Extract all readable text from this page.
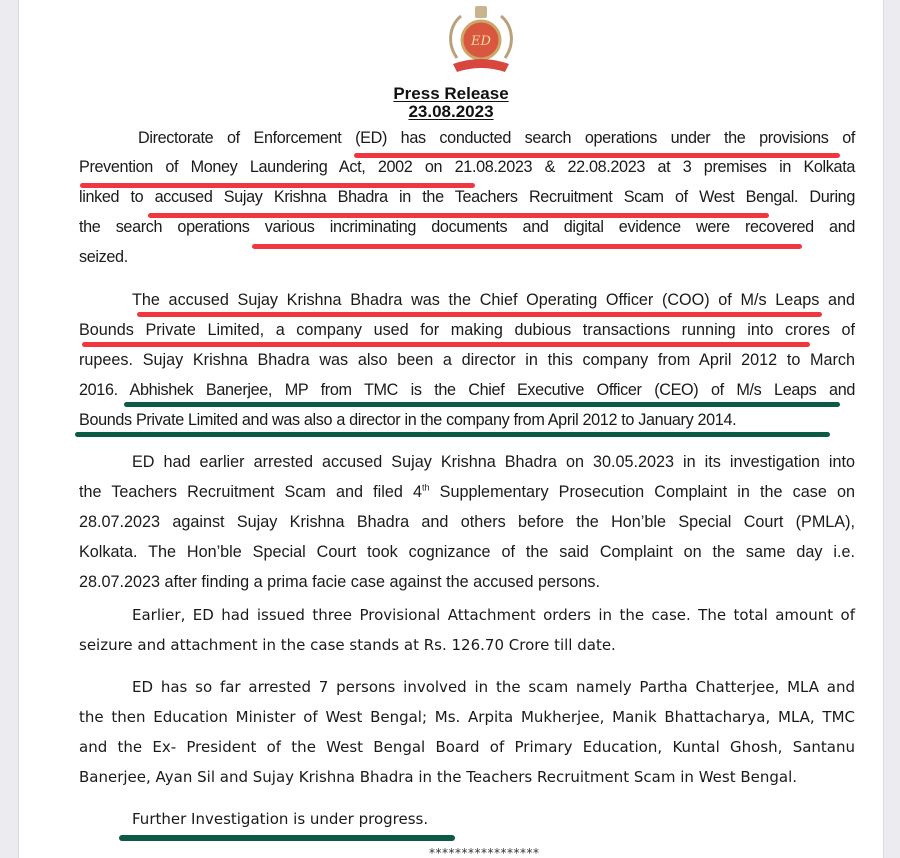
ED
Press Release
23.08.2023
Directorate of Enforcement (ED) has conducted search operations under the provisions of
Prevention of Money Laundering Act, 2002 on 21.08.2023 & 22.08.2023 at 3 premises in Kolkata
linked to accused Sujay Krishna Bhadra in the Teachers Recruitment Scam of West Bengal. During
the search operations various incriminating documents and digital evidence were recovered and
seized.
The accused Sujay Krishna Bhadra was the Chief Operating Officer (COO) of M/s Leaps and
Bounds Private Limited, a company used for making dubious transactions running into crores of
rupees. Sujay Krishna Bhadra was also been a director in this company from April 2012 to March
2016. Abhishek Banerjee, MP from TMC is the Chief Executive Officer (CEO) of M/s Leaps and
Bounds Private Limited and was also a director in the company from April 2012 to January 2014.
ED had earlier arrested accused Sujay Krishna Bhadra on 30.05.2023 in its investigation into
the Teachers Recruitment Scam and filed 4th Supplementary Prosecution Complaint in the case on
28.07.2023 against Sujay Krishna Bhadra and others before the Hon’ble Special Court (PMLA),
Kolkata. The Hon’ble Special Court took cognizance of the said Complaint on the same day i.e.
28.07.2023 after finding a prima facie case against the accused persons.
Earlier, ED had issued three Provisional Attachment orders in the case. The total amount of
seizure and attachment in the case stands at Rs. 126.70 Crore till date.
ED has so far arrested 7 persons involved in the scam namely Partha Chatterjee, MLA and
the then Education Minister of West Bengal; Ms. Arpita Mukherjee, Manik Bhattacharya, MLA, TMC
and the Ex- President of the West Bengal Board of Primary Education, Kuntal Ghosh, Santanu
Banerjee, Ayan Sil and Sujay Krishna Bhadra in the Teachers Recruitment Scam in West Bengal.
Further Investigation is under progress.
*****************
